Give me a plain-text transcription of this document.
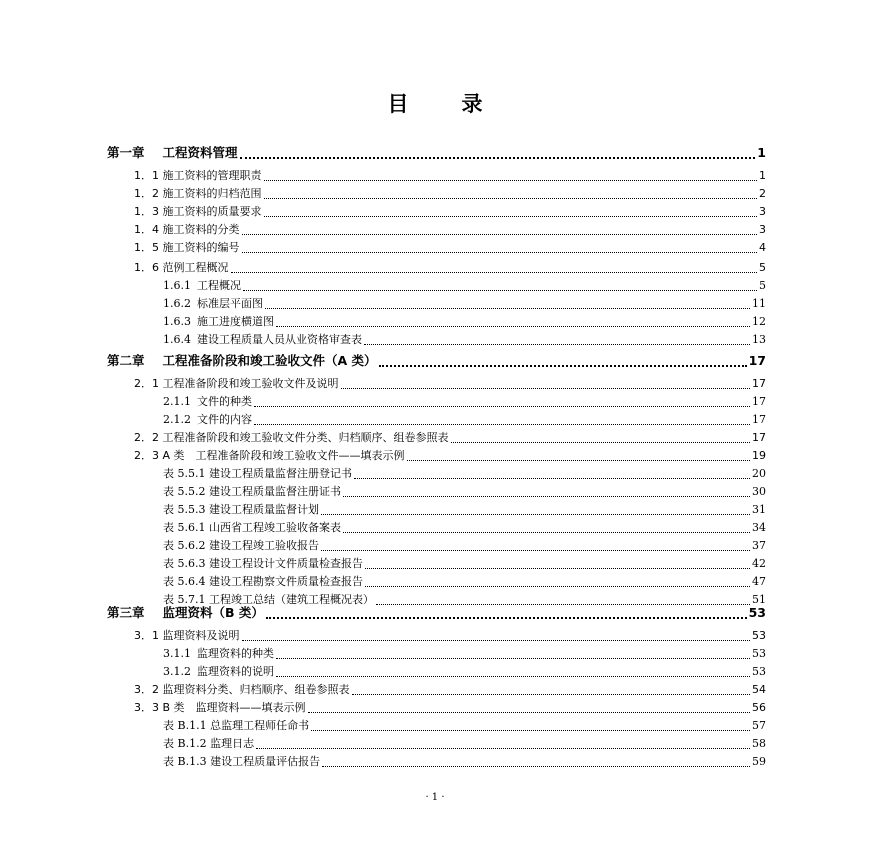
目　录
第一章 工程资料管理	1
1．1 施工资料的管理职责	1
1．2 施工资料的归档范围	2
1．3 施工资料的质量要求	3
1．4 施工资料的分类	3
1．5 施工资料的编号	4
1．6 范例工程概况	5
1.6.1 工程概况	5
1.6.2 标准层平面图	11
1.6.3 施工进度横道图	12
1.6.4 建设工程质量人员从业资格审查表	13
第二章 工程准备阶段和竣工验收文件（A 类）	17
2．1 工程准备阶段和竣工验收文件及说明	17
2.1.1 文件的种类	17
2.1.2 文件的内容	17
2．2 工程准备阶段和竣工验收文件分类、归档顺序、组卷参照表	17
2．3 A 类　工程准备阶段和竣工验收文件——填表示例	19
表 5.5.1 建设工程质量监督注册登记书	20
表 5.5.2 建设工程质量监督注册证书	30
表 5.5.3 建设工程质量监督计划	31
表 5.6.1 山西省工程竣工验收备案表	34
表 5.6.2 建设工程竣工验收报告	37
表 5.6.3 建设工程设计文件质量检查报告	42
表 5.6.4 建设工程勘察文件质量检查报告	47
表 5.7.1 工程竣工总结（建筑工程概况表）	51
第三章 监理资料（B 类）	53
3．1 监理资料及说明	53
3.1.1 监理资料的种类	53
3.1.2 监理资料的说明	53
3．2 监理资料分类、归档顺序、组卷参照表	54
3．3 B 类　监理资料——填表示例	56
表 B.1.1 总监理工程师任命书	57
表 B.1.2 监理日志	58
表 B.1.3 建设工程质量评估报告	59
· 1 ·
